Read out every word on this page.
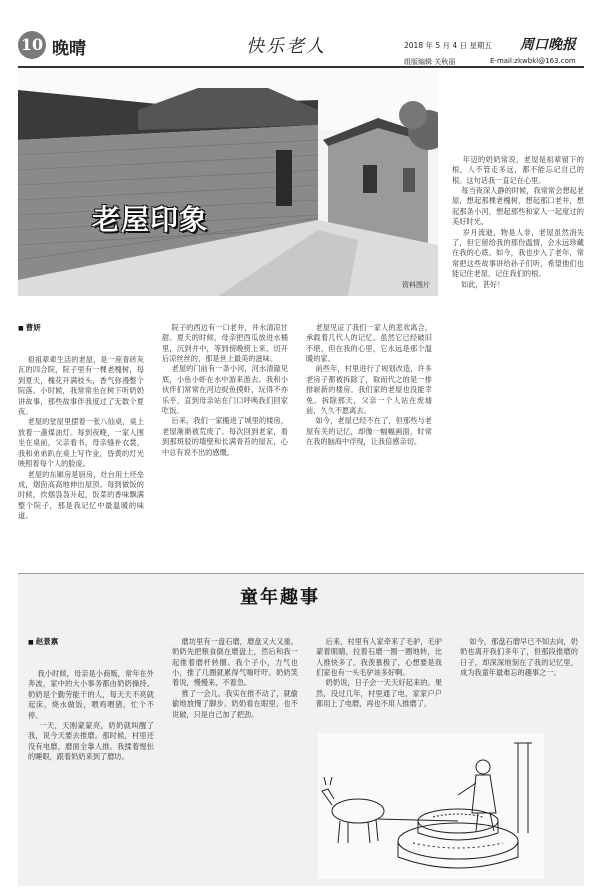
10 晚晴	快乐老人	2018 年 5 月 4 日 星期五 周口晚报
组版编辑 关秋丽	E-mail:zkwbkl@163.com
老屋印象
资料图片

■ 曹妍

祖祖辈辈生活的老屋，是一座青砖灰瓦的四合院，院子里有一棵老槐树，每到夏天，槐花开满枝头，香气弥漫整个院落。小时候，我常常坐在树下听奶奶讲故事，那些故事伴我度过了无数个夏夜。
老屋的堂屋里摆着一张八仙桌，桌上放着一盏煤油灯。每到夜晚，一家人围坐在桌前，父亲看书，母亲缝补衣裳，我和弟弟趴在桌上写作业，昏黄的灯光映照着每个人的脸庞。
老屋的东厢房是厨房，灶台用土坯垒成，烟囱高高地伸出屋顶。每到做饭的时候，炊烟袅袅升起，饭菜的香味飘满整个院子，那是我记忆中最温暖的味道。

院子的西边有一口老井，井水清凉甘甜。夏天的时候，母亲把西瓜放进水桶里，沉到井中，等到傍晚捞上来，切开后凉丝丝的，那是世上最美的滋味。
老屋的门前有一条小河，河水清澈见底，小鱼小虾在水中游来游去。我和小伙伴们常常在河边捉鱼摸虾，玩得不亦乐乎，直到母亲站在门口呼唤我们回家吃饭。
后来，我们一家搬进了城里的楼房，老屋渐渐被荒废了。每次回到老家，看到那斑驳的墙壁和长满青苔的屋瓦，心中总有说不出的感慨。

老屋见证了我们一家人的悲欢离合，承载着几代人的记忆。虽然它已经破旧不堪，但在我的心里，它永远是那个温暖的家。
前些年，村里进行了规划改造，许多老房子都被拆除了，取而代之的是一排排崭新的楼房。我们家的老屋也没能幸免。拆除那天，父亲一个人站在废墟前，久久不愿离去。
如今，老屋已经不在了，但那些与老屋有关的记忆，却像一幅幅画面，时常在我的脑海中浮现，让我倍感亲切。

年迈的奶奶常说，老屋是祖辈留下的根，人不管走多远，都不能忘记自己的根。这句话我一直记在心里。
每当夜深人静的时候，我常常会想起老屋，想起那棵老槐树，想起那口老井，想起那条小河，想起那些和家人一起度过的美好时光。
岁月流逝，物是人非，老屋虽然消失了，但它留给我的那份温情，会永远珍藏在我的心底。如今，我也步入了老年，常常把这些故事讲给孙子们听，希望他们也能记住老屋，记住我们的根。
如此，甚好！

童年趣事

■ 赵景禀

我小时候，母亲是小商贩，常年在外奔波，家中的大小事务都由奶奶操持。奶奶是个勤劳能干的人，每天天不亮就起床，烧水做饭，喂鸡喂猪，忙个不停。
一天，天刚蒙蒙亮，奶奶就叫醒了我，说今天要去推磨。那时候，村里还没有电磨，磨面全靠人推。我揉着惺忪的睡眼，跟着奶奶来到了磨坊。

磨坊里有一盘石磨，磨盘又大又重。奶奶先把粮食倒在磨盘上，然后和我一起推着磨杆转圈。我个子小，力气也小，推了几圈就累得气喘吁吁。奶奶笑着说，慢慢来，不着急。
推了一会儿，我实在推不动了，就偷偷地放慢了脚步。奶奶看在眼里，也不说破，只是自己加了把劲。

后来，村里有人家牵来了毛驴，毛驴蒙着眼睛，拉着石磨一圈一圈地转，比人推快多了。我羡慕极了，心想要是我们家也有一头毛驴该多好啊。
奶奶说，日子会一天天好起来的。果然，没过几年，村里通了电，家家户户都用上了电磨，再也不用人推磨了。

如今，那盘石磨早已不知去向，奶奶也离开我们多年了，但那段推磨的日子，却深深地刻在了我的记忆里，成为我童年最难忘的趣事之一。
